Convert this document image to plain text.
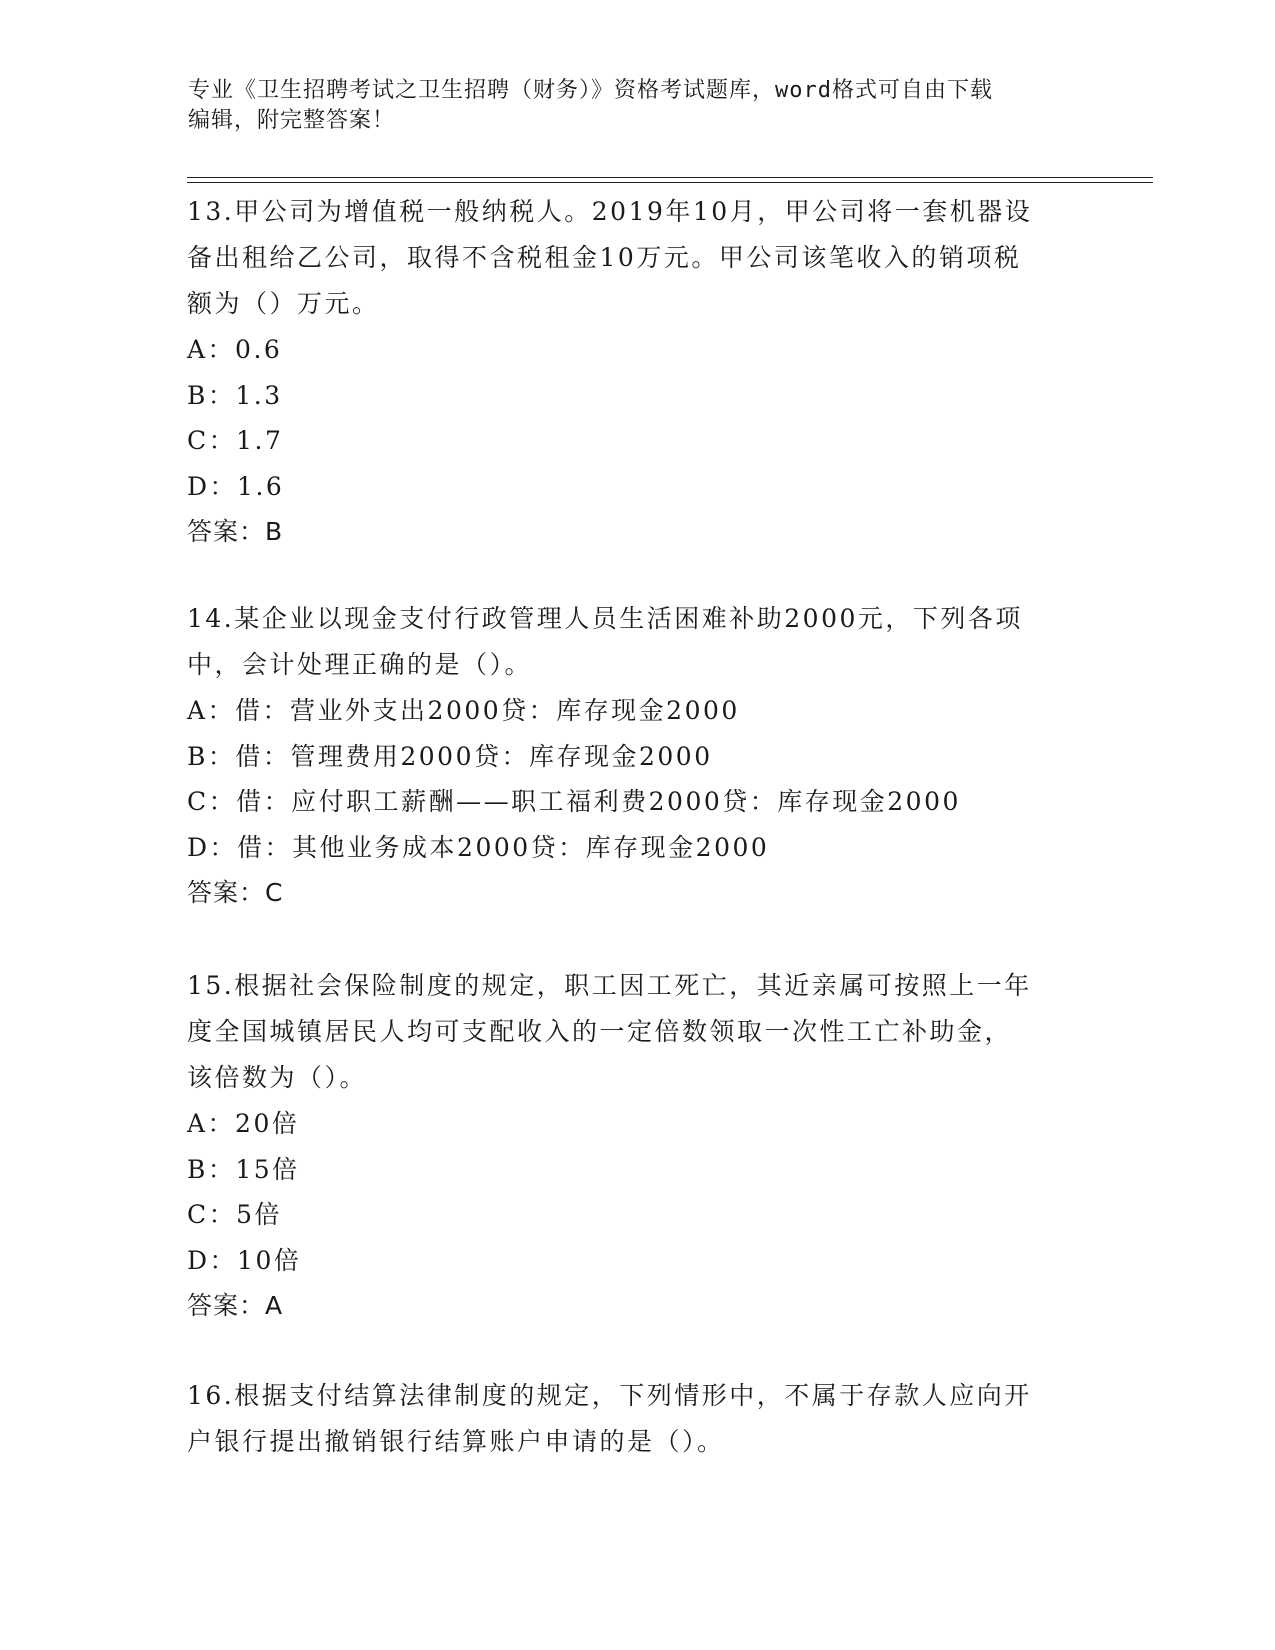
专业《卫生招聘考试之卫生招聘（财务）》资格考试题库，word格式可自由下载
编辑，附完整答案！
13.甲公司为增值税一般纳税人。2019年10月，甲公司将一套机器设
备出租给乙公司，取得不含税租金10万元。甲公司该笔收入的销项税
额为（）万元。
A：0.6
B：1.3
C：1.7
D：1.6
答案：B
14.某企业以现金支付行政管理人员生活困难补助2000元，下列各项
中，会计处理正确的是（）。
A：借：营业外支出2000贷：库存现金2000
B：借：管理费用2000贷：库存现金2000
C：借：应付职工薪酬——职工福利费2000贷：库存现金2000
D：借：其他业务成本2000贷：库存现金2000
答案：C
15.根据社会保险制度的规定，职工因工死亡，其近亲属可按照上一年
度全国城镇居民人均可支配收入的一定倍数领取一次性工亡补助金，
该倍数为（）。
A：20倍
B：15倍
C：5倍
D：10倍
答案：A
16.根据支付结算法律制度的规定，下列情形中，不属于存款人应向开
户银行提出撤销银行结算账户申请的是（）。
